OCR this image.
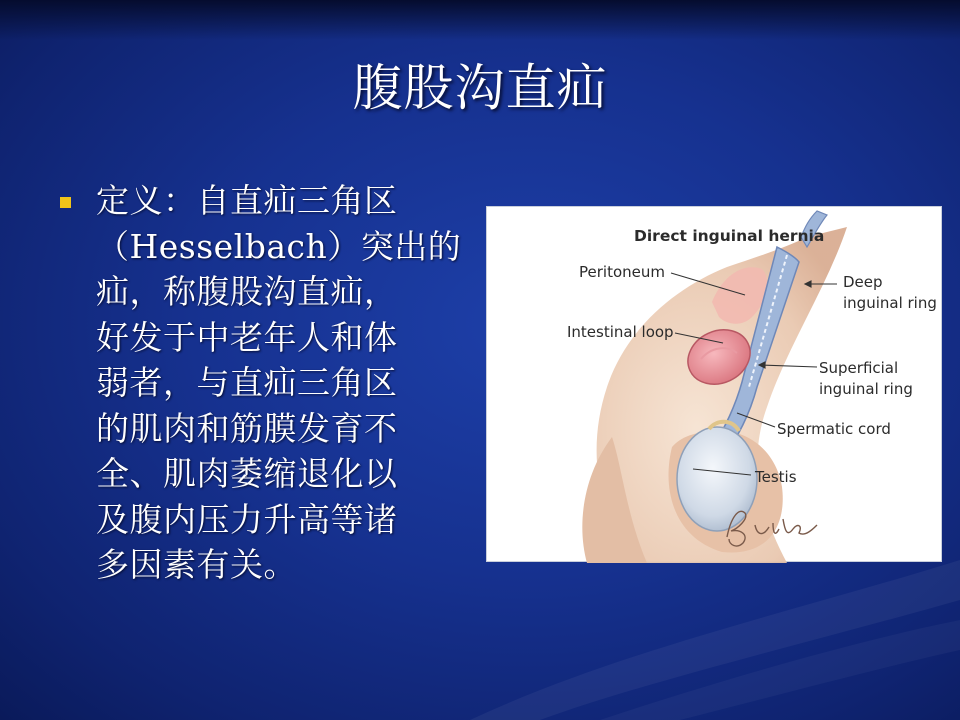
腹股沟直疝
定义：自直疝三角区
（Hesselbach）突出的
疝，称腹股沟直疝，
好发于中老年人和体
弱者，与直疝三角区
的肌肉和筋膜发育不
全、肌肉萎缩退化以
及腹内压力升高等诸
多因素有关。
Direct inguinal hernia
Peritoneum
Intestinal loop
Deep
inguinal ring
Superficial
inguinal ring
Spermatic cord
Testis
